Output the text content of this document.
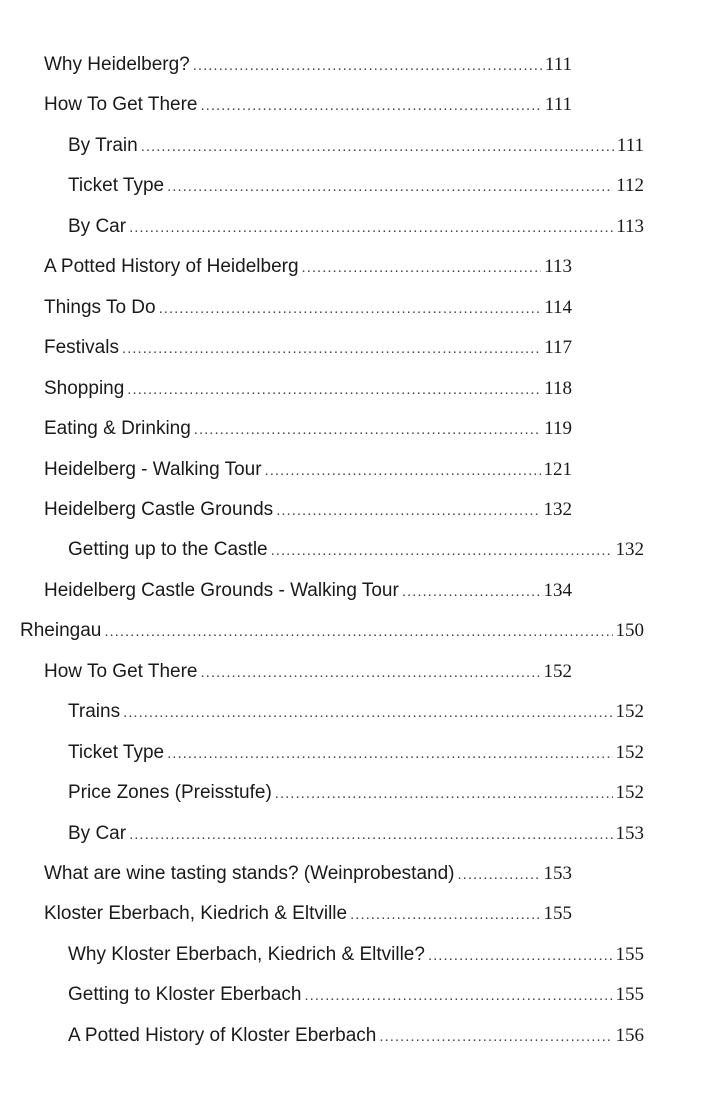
Why Heidelberg? .....	111
How To Get There .....	111
By Train .....	111
Ticket Type .....	112
By Car .....	113
A Potted History of Heidelberg .....	113
Things To Do .....	114
Festivals .....	117
Shopping .....	118
Eating & Drinking .....	119
Heidelberg - Walking Tour .....	121
Heidelberg Castle Grounds .....	132
Getting up to the Castle .....	132
Heidelberg Castle Grounds - Walking Tour .....	134
Rheingau .....	150
How To Get There .....	152
Trains .....	152
Ticket Type .....	152
Price Zones (Preisstufe) .....	152
By Car .....	153
What are wine tasting stands? (Weinprobestand) .....	153
Kloster Eberbach, Kiedrich & Eltville .....	155
Why Kloster Eberbach, Kiedrich & Eltville? .....	155
Getting to Kloster Eberbach .....	155
A Potted History of Kloster Eberbach .....	156
